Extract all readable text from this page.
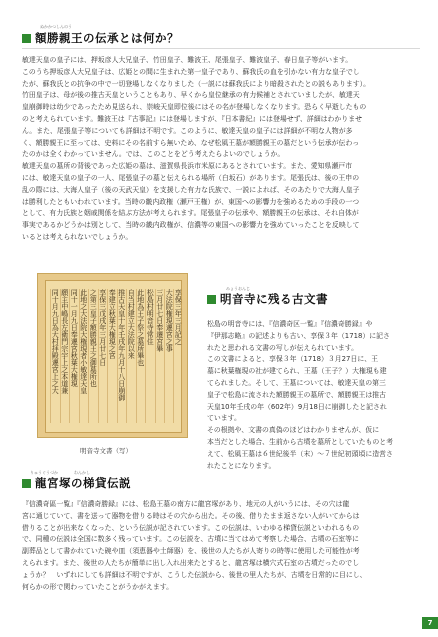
ぬかかつしんのう
額勝親王の伝承とは何か？
敏達天皇の皇子には、押坂彦人大兄皇子、竹田皇子、難波王、尾張皇子、難波皇子、春日皇子等がいます。
このうち押坂彦人大兄皇子は、広姫との間に生まれた第一皇子であり、蘇我氏の血を引かない有力な皇子でし
たが、蘇我氏との抗争の中で一切登場しなくなりました（一説には蘇我氏により暗殺されたとの説もあります）。
竹田皇子は、母が後の推古天皇ということもあり、早くから皇位継承の有力候補とされていましたが、敏達天
皇崩御時は幼少であったため見送られ、崇峻天皇即位後にはその名が登場しなくなります。恐らく早逝したもの
のと考えられています。難波王は『古事記』には登場しますが、『日本書紀』には登場せず、詳細はわかりませ
ん。また、尾張皇子等についても詳細は不明です。このように、敏達天皇の皇子には詳細が不明な人物が多
く、額勝親王に至っては、史料にその名前すら無いため、なぜ松風王墓が額勝親王の墓だという伝承が伝わっ
たのかは全くわかっていません。では、このことをどう考えたらよいのでしょうか。
敏達天皇の墓所の背後であった広姫の墓は、滋賀県長浜市米原にあるとされています。また、愛知県瀬戸市
には、敏達天皇の皇子の一人、尾張皇子の墓と伝えられる場所（白坂石）があります。尾張氏は、後の王申の
乱の際には、大海人皇子（後の天武天皇）を支援した有力な氏族で、一説によれば、そのあたりで大海人皇子
は勝利したともいわれています。当時の畿内政権（瀬戸王権）が、東国への影響力を強めるための手段の一つ
として、有力氏族と姻戚関係を結ぶ方法が考えられます。尾張皇子の伝承や、額勝親王の伝承は、それ自体が
事実であるかどうかは別として、当時の畿内政権が、信濃等の東国への影響力を強めていったことを反映して
いるとは考えられないでしょうか。
同十月九日為大村拝殿遷宮上之大 願主中嶋長左衛門宗宇上之本道兼 同十一月九日奉遷宮秋葉大権現 此地之大法院大権現者小敏達天皇 之第三皇子額勝親王之御墓所也 享保三戊戌年三月廿七日 奉建立秋葉大権現之宮 推古天皇十年壬戌年九月十八日崩御 自当村建立大法院以来 此地為王子祭之墓所畢也 松島村明音寺常住 三月廿七日奉遷宮畢 大法院権現遷宮之事 享保三年三月記之
明音寺文書（写）
みょうおんじ
明音寺に残る古文書
松島の明音寺には、『信濃奇区一覧』『信濃奇勝録』や
『伊那志略』の記述よりも古い、享保３年（1718）に記さ
れたと思われる文書の写しが伝えられています。
この文書によると、享保３年（1718）３月27日に、王
墓に秋葉権現の社が建てられ、王墓（王子？）大権現も建
てられました。そして、王墓については、敏達天皇の第三
皇子で松島に流された額勝親王の墓所で、額勝親王は推古
天皇10年壬戌の年（602年）9月18日に崩御したと記され
ています。
その根拠や、文書の真偽のほどはわかりませんが、仮に
本当だとした場合、生前から古墳を墓所としていたものと考
えて、松風王墓は６世紀後半（末）〜７世紀初頭頃に造営さ
れたことになります。
りゅうぐうづか	わんかし
龍宮塚の梯貸伝説
『信濃奇區一覧』『信濃奇勝録』には、松島王墓の南方に龍宮塚があり、地元の人がいうには、その穴は龍
宮に通じていて、書を送って器物を借りる時はその穴から出た。その後、借りたまま返さない人がいてからは
借りることが出来なくなった、という伝説が記されています。この伝説は、いわゆる梯貸伝説といわれるもの
で、同種の伝説は全国に数多く残っています。この伝説を、古墳に当てはめて考察した場合、古墳の石室等に
副葬品として書かれていた碗や皿（須恵器や土師器）を、後世の人たちが人寄りの時等に使用した可能性が考
えられます。また、後世の人たちが簡単に出し入れ出来たとすると、龍宮塚は横穴式石室の古墳だったのでし
ょうか？　いずれにしても詳細は不明ですが、こうした伝説から、後世の里人たちが、古墳を日常的に目にし、
何らかの形で関わっていたことがうかがえます。
7
